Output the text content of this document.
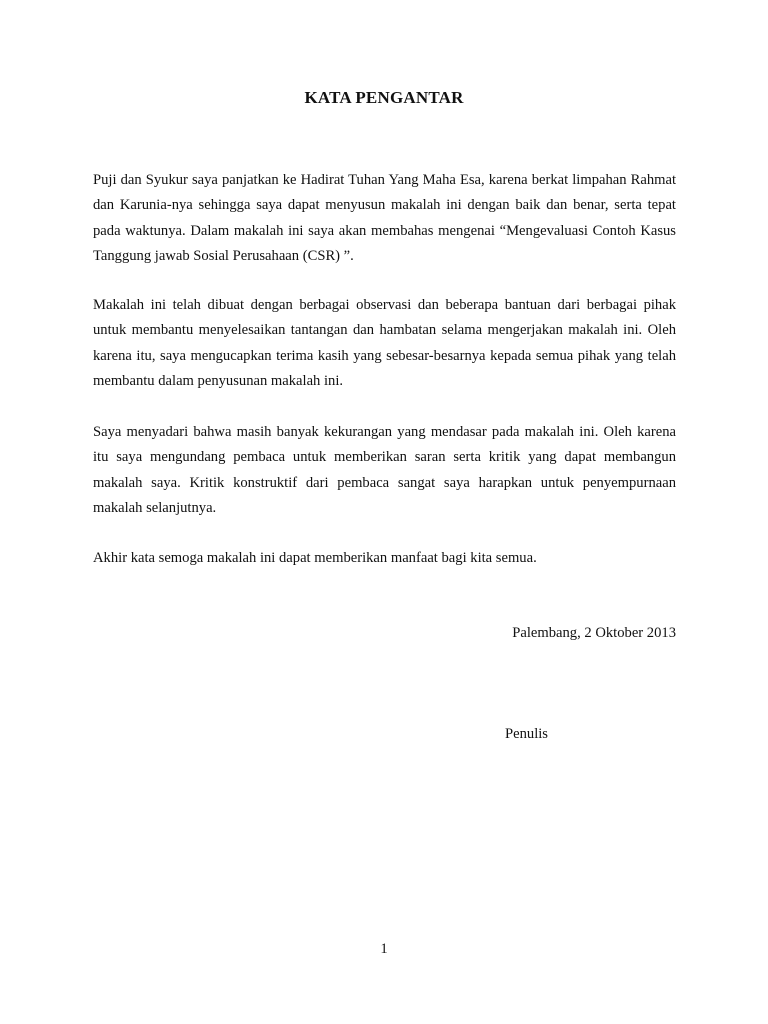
KATA PENGANTAR

Puji dan Syukur saya panjatkan ke Hadirat Tuhan Yang Maha Esa, karena berkat limpahan Rahmat dan Karunia-nya sehingga saya dapat menyusun makalah ini dengan baik dan benar, serta tepat pada waktunya. Dalam makalah ini saya akan membahas mengenai “Mengevaluasi Contoh Kasus Tanggung jawab Sosial Perusahaan (CSR) ”.

Makalah ini telah dibuat dengan berbagai observasi dan beberapa bantuan dari berbagai pihak untuk membantu menyelesaikan tantangan dan hambatan selama mengerjakan makalah ini. Oleh karena itu, saya mengucapkan terima kasih yang sebesar-besarnya kepada semua pihak yang telah membantu dalam penyusunan makalah ini.

Saya menyadari bahwa masih banyak kekurangan yang mendasar pada makalah ini. Oleh karena itu saya mengundang pembaca untuk memberikan saran serta kritik yang dapat membangun makalah saya. Kritik konstruktif dari pembaca sangat saya harapkan untuk penyempurnaan makalah selanjutnya.

Akhir kata semoga makalah ini dapat memberikan manfaat bagi kita semua.

Palembang, 2 Oktober 2013
Penulis
1
